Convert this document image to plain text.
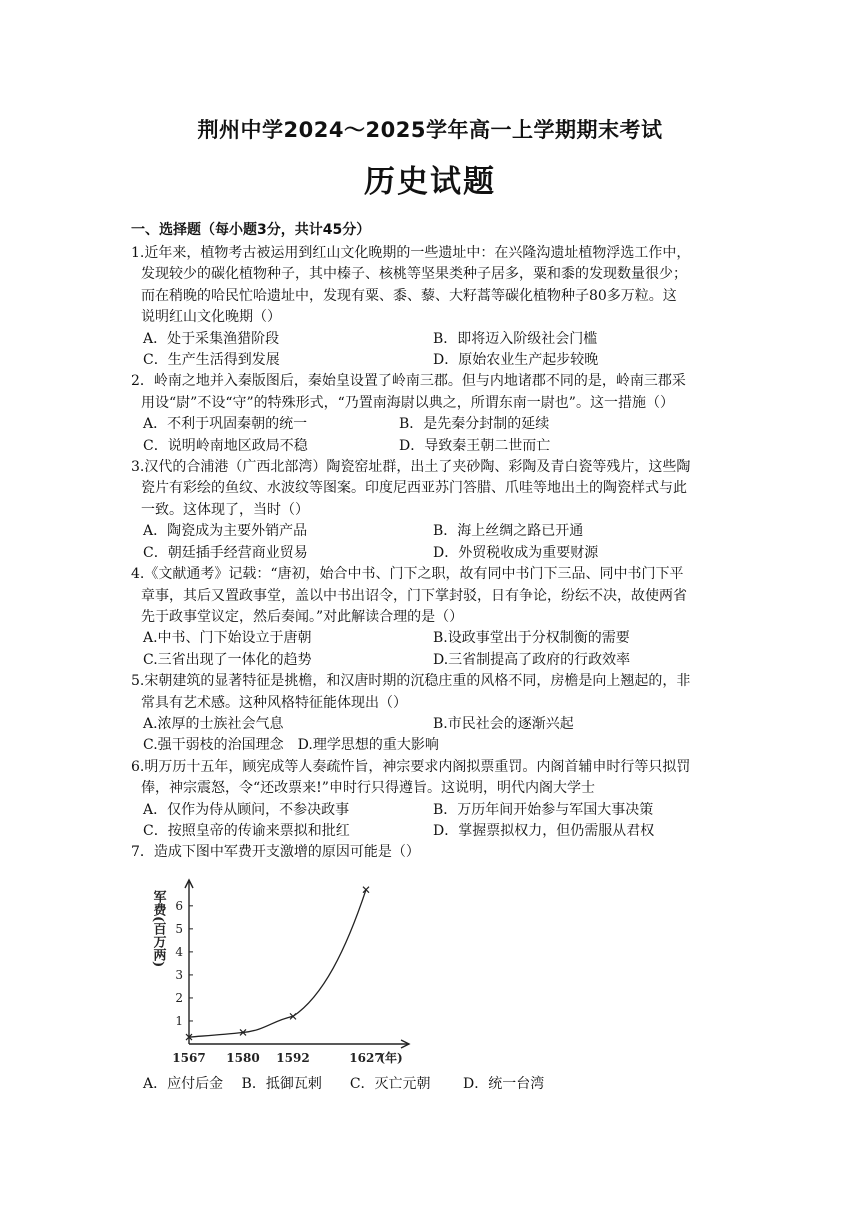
荆州中学2024～2025学年高一上学期期末考试
历史试题
一、选择题（每小题3分，共计45分）

1.近年来，植物考古被运用到红山文化晚期的一些遗址中：在兴隆沟遗址植物浮选工作中，

发现较少的碳化植物种子，其中榛子、核桃等坚果类种子居多，粟和黍的发现数量很少；

而在稍晚的哈民忙哈遗址中，发现有粟、黍、藜、大籽蒿等碳化植物种子80多万粒。这

说明红山文化晚期（）

A．处于采集渔猎阶段	B．即将迈入阶级社会门槛
C．生产生活得到发展	D．原始农业生产起步较晚

2．岭南之地并入秦版图后，秦始皇设置了岭南三郡。但与内地诸郡不同的是，岭南三郡采

用设“尉”不设“守”的特殊形式，“乃置南海尉以典之，所谓东南一尉也”。这一措施（）

A．不利于巩固秦朝的统一	B．是先秦分封制的延续
C．说明岭南地区政局不稳	D．导致秦王朝二世而亡

3.汉代的合浦港（广西北部湾）陶瓷窑址群，出土了夹砂陶、彩陶及青白瓷等残片，这些陶

瓷片有彩绘的鱼纹、水波纹等图案。印度尼西亚苏门答腊、爪哇等地出土的陶瓷样式与此

一致。这体现了，当时（）

A．陶瓷成为主要外销产品	B．海上丝绸之路已开通
C．朝廷插手经营商业贸易	D．外贸税收成为重要财源

4.《文献通考》记载：“唐初，始合中书、门下之职，故有同中书门下三品、同中书门下平

章事，其后又置政事堂，盖以中书出诏令，门下掌封驳，日有争论，纷纭不决，故使两省

先于政事堂议定，然后奏闻。”对此解读合理的是（）

A.中书、门下始设立于唐朝	B.设政事堂出于分权制衡的需要
C.三省出现了一体化的趋势	D.三省制提高了政府的行政效率

5.宋朝建筑的显著特征是挑檐，和汉唐时期的沉稳庄重的风格不同，房檐是向上翘起的，非

常具有艺术感。这种风格特征能体现出（）

A.浓厚的士族社会气息	B.市民社会的逐渐兴起
C.强干弱枝的治国理念　D.理学思想的重大影响

6.明万历十五年，顾宪成等人奏疏忤旨，神宗要求内阁拟票重罚。内阁首辅申时行等只拟罚

俸，神宗震怒，令“还改票来!”申时行只得遵旨。这说明，明代内阁大学士

A．仅作为侍从顾问，不参决政事	B．万历年间开始参与军国大事决策
C．按照皇帝的传谕来票拟和批红	D．掌握票拟权力，但仍需服从君权

7．造成下图中军费开支激增的原因可能是（）

军费(百万两)
1
2
3
4
5
6
1567 1580 1592	1627
(年)

A．应付后金　 B．抵御瓦剌　　C．灭亡元朝　　 D．统一台湾
